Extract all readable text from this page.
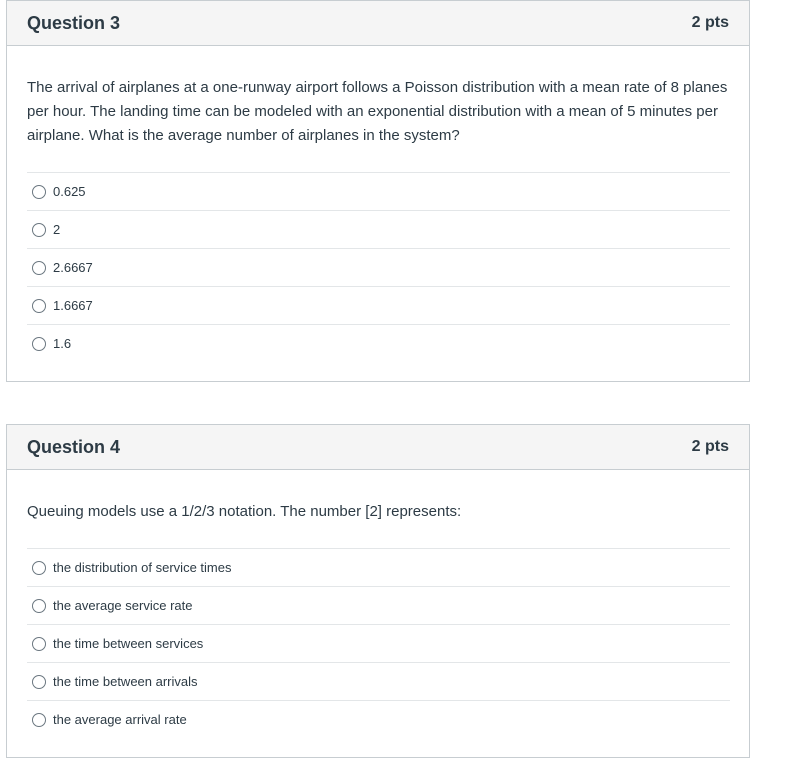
Question 3	2 pts
The arrival of airplanes at a one-runway airport follows a Poisson distribution with a mean rate of 8 planes per hour. The landing time can be modeled with an exponential distribution with a mean of 5 minutes per airplane. What is the average number of airplanes in the system?
0.625
2
2.6667
1.6667
1.6
Question 4	2 pts
Queuing models use a 1/2/3 notation. The number [2] represents:
the distribution of service times
the average service rate
the time between services
the time between arrivals
the average arrival rate
